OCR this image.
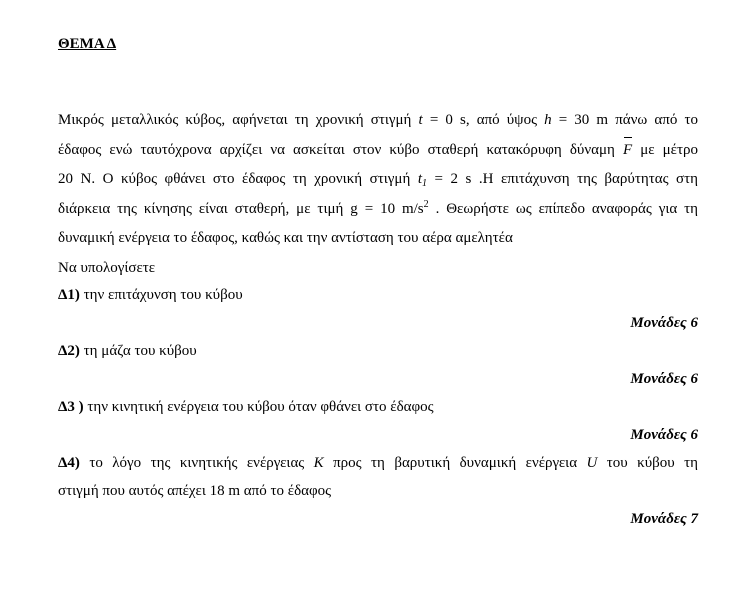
ΘΕΜΑ Δ

Μικρός μεταλλικός κύβος, αφήνεται τη χρονική στιγμή t = 0 s, από ύψος h = 30 m πάνω από το
έδαφος ενώ ταυτόχρονα αρχίζει να ασκείται στον κύβο σταθερή κατακόρυφη δύναμη F με μέτρο
20 Ν. Ο κύβος φθάνει στο έδαφος τη χρονική στιγμή $t_1 = 2$ s .Η επιτάχυνση της βαρύτητας στη
διάρκεια της κίνησης είναι σταθερή, με τιμή g = 10 $m/s^2$ . Θεωρήστε ως επίπεδο αναφοράς για τη
δυναμική ενέργεια το έδαφος, καθώς και την αντίσταση του αέρα αμελητέα
Να υπολογίσετε
Δ1) την επιτάχυνση του κύβου
Μονάδες 6
Δ2) τη μάζα του κύβου
Μονάδες 6
Δ3 ) την κινητική ενέργεια του κύβου όταν φθάνει στο έδαφος
Μονάδες 6
Δ4) το λόγο της κινητικής ενέργειας K προς τη βαρυτική δυναμική ενέργεια U του κύβου τη
στιγμή που αυτός απέχει 18 m από το έδαφος
Μονάδες 7
